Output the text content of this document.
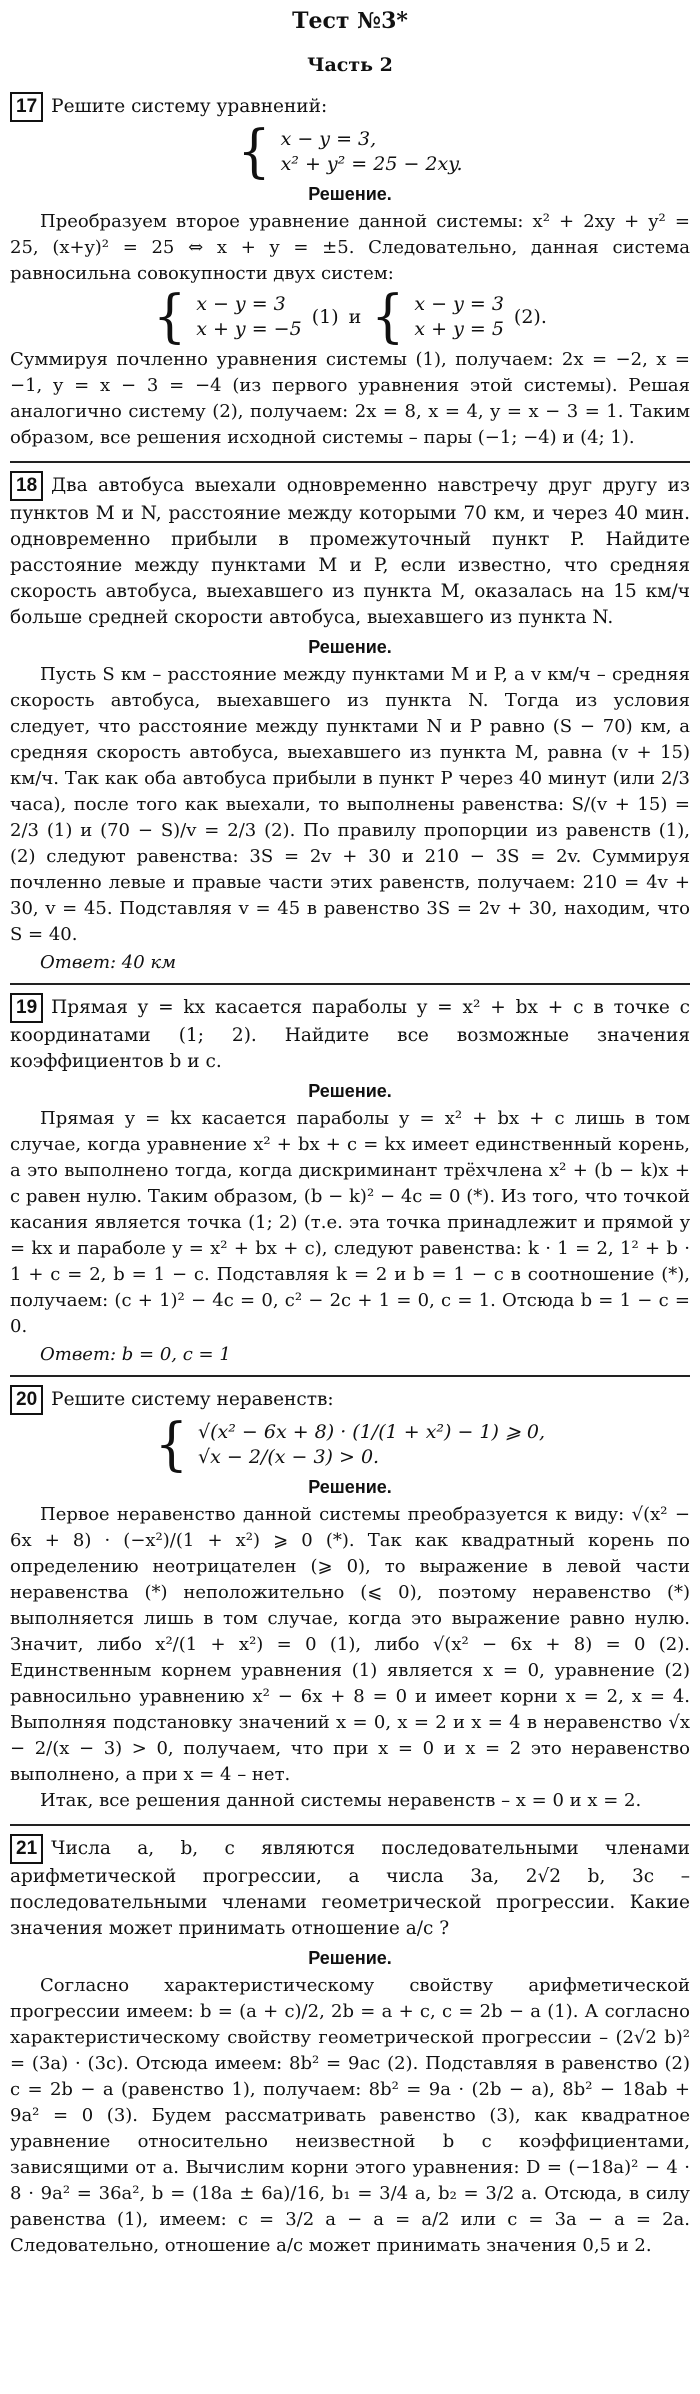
Тест №3*
Часть 2
17 Решите систему уравнений:
{ x − y = 3,
x² + y² = 25 − 2xy.
Решение.

Преобразуем второе уравнение данной системы: x² + 2xy + y² = 25, (x+y)² = 25 ⇔ x + y = ±5. Следовательно, данная система равносильна совокупности двух систем:

{ x − y = 3
x + y = −5
(1) и { x − y = 3
x + y = 5
(2).

Суммируя почленно уравнения системы (1), получаем: 2x = −2, x = −1, y = x − 3 = −4 (из первого уравнения этой системы). Решая аналогично систему (2), получаем: 2x = 8, x = 4, y = x − 3 = 1. Таким образом, все решения исходной системы – пары (−1; −4) и (4; 1).

18 Два автобуса выехали одновременно навстречу друг другу из пунктов M и N, расстояние между которыми 70 км, и через 40 мин. одновременно прибыли в промежуточный пункт P. Найдите расстояние между пунктами M и P, если известно, что средняя скорость автобуса, выехавшего из пункта M, оказалась на 15 км/ч больше средней скорости автобуса, выехавшего из пункта N.
Решение.

Пусть S км – расстояние между пунктами M и P, а v км/ч – средняя скорость автобуса, выехавшего из пункта N. Тогда из условия следует, что расстояние между пунктами N и P равно (S − 70) км, а средняя скорость автобуса, выехавшего из пункта M, равна (v + 15) км/ч. Так как оба автобуса прибыли в пункт P через 40 минут (или 2/3 часа), после того как выехали, то выполнены равенства: S/(v + 15) = 2/3 (1) и (70 − S)/v = 2/3 (2). По правилу пропорции из равенств (1), (2) следуют равенства: 3S = 2v + 30 и 210 − 3S = 2v. Суммируя почленно левые и правые части этих равенств, получаем: 210 = 4v + 30, v = 45. Подставляя v = 45 в равенство 3S = 2v + 30, находим, что S = 40.

Ответ: 40 км

19 Прямая y = kx касается параболы y = x² + bx + c в точке с координатами (1; 2). Найдите все возможные значения коэффициентов b и c.
Решение.

Прямая y = kx касается параболы y = x² + bx + c лишь в том случае, когда уравнение x² + bx + c = kx имеет единственный корень, а это выполнено тогда, когда дискриминант трёхчлена x² + (b − k)x + c равен нулю. Таким образом, (b − k)² − 4c = 0 (*). Из того, что точкой касания является точка (1; 2) (т.е. эта точка принадлежит и прямой y = kx и параболе y = x² + bx + c), следуют равенства: k · 1 = 2, 1² + b · 1 + c = 2, b = 1 − c. Подставляя k = 2 и b = 1 − c в соотношение (*), получаем: (c + 1)² − 4c = 0, c² − 2c + 1 = 0, c = 1. Отсюда b = 1 − c = 0.

Ответ: b = 0, c = 1

20 Решите систему неравенств:
{ √(x² − 6x + 8) · (1/(1 + x²) − 1) ⩾ 0,
√x − 2/(x − 3) > 0.
Решение.

Первое неравенство данной системы преобразуется к виду: √(x² − 6x + 8) · (−x²)/(1 + x²) ⩾ 0 (*). Так как квадратный корень по определению неотрицателен (⩾ 0), то выражение в левой части неравенства (*) неположительно (⩽ 0), поэтому неравенство (*) выполняется лишь в том случае, когда это выражение равно нулю. Значит, либо x²/(1 + x²) = 0 (1), либо √(x² − 6x + 8) = 0 (2). Единственным корнем уравнения (1) является x = 0, уравнение (2) равносильно уравнению x² − 6x + 8 = 0 и имеет корни x = 2, x = 4. Выполняя подстановку значений x = 0, x = 2 и x = 4 в неравенство √x − 2/(x − 3) > 0, получаем, что при x = 0 и x = 2 это неравенство выполнено, а при x = 4 – нет.

Итак, все решения данной системы неравенств – x = 0 и x = 2.

21 Числа a, b, c являются последовательными членами арифметической прогрессии, а числа 3a, 2√2 b, 3c – последовательными членами геометрической прогрессии. Какие значения может принимать отношение a/c ?
Решение.

Согласно характеристическому свойству арифметической прогрессии имеем: b = (a + c)/2, 2b = a + c, c = 2b − a (1). А согласно характеристическому свойству геометрической прогрессии – (2√2 b)² = (3a) · (3c). Отсюда имеем: 8b² = 9ac (2). Подставляя в равенство (2) c = 2b − a (равенство 1), получаем: 8b² = 9a · (2b − a), 8b² − 18ab + 9a² = 0 (3). Будем рассматривать равенство (3), как квадратное уравнение относительно неизвестной b с коэффициентами, зависящими от a. Вычислим корни этого уравнения: D = (−18a)² − 4 · 8 · 9a² = 36a², b = (18a ± 6a)/16, b₁ = 3/4 a, b₂ = 3/2 a. Отсюда, в силу равенства (1), имеем: c = 3/2 a − a = a/2 или c = 3a − a = 2a. Следовательно, отношение a/c может принимать значения 0,5 и 2.
